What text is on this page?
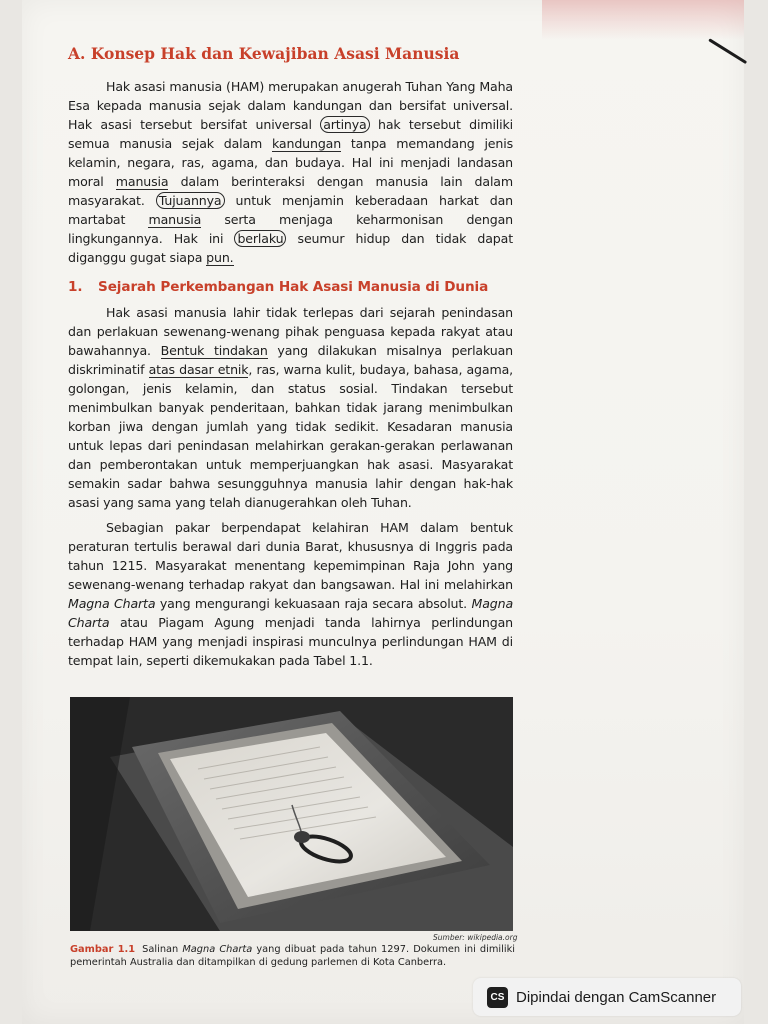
A. Konsep Hak dan Kewajiban Asasi Manusia

Hak asasi manusia (HAM) merupakan anugerah Tuhan Yang Maha Esa kepada manusia sejak dalam kandungan dan bersifat universal. Hak asasi tersebut bersifat universal artinya hak tersebut dimiliki semua manusia sejak dalam kandungan tanpa memandang jenis kelamin, negara, ras, agama, dan budaya. Hal ini menjadi landasan moral manusia dalam berinteraksi dengan manusia lain dalam masyarakat. Tujuannya untuk menjamin keberadaan harkat dan martabat manusia serta menjaga keharmonisan dengan lingkungannya. Hak ini berlaku seumur hidup dan tidak dapat diganggu gugat siapa pun.

1. Sejarah Perkembangan Hak Asasi Manusia di Dunia

Hak asasi manusia lahir tidak terlepas dari sejarah penindasan dan perlakuan sewenang-wenang pihak penguasa kepada rakyat atau bawahannya. Bentuk tindakan yang dilakukan misalnya perlakuan diskriminatif atas dasar etnik, ras, warna kulit, budaya, bahasa, agama, golongan, jenis kelamin, dan status sosial. Tindakan tersebut menimbulkan banyak penderitaan, bahkan tidak jarang menimbulkan korban jiwa dengan jumlah yang tidak sedikit. Kesadaran manusia untuk lepas dari penindasan melahirkan gerakan-gerakan perlawanan dan pemberontakan untuk memperjuangkan hak asasi. Masyarakat semakin sadar bahwa sesungguhnya manusia lahir dengan hak-hak asasi yang sama yang telah dianugerahkan oleh Tuhan.

Sebagian pakar berpendapat kelahiran HAM dalam bentuk peraturan tertulis berawal dari dunia Barat, khususnya di Inggris pada tahun 1215. Masyarakat menentang kepemimpinan Raja John yang sewenang-wenang terhadap rakyat dan bangsawan. Hal ini melahirkan Magna Charta yang mengurangi kekuasaan raja secara absolut. Magna Charta atau Piagam Agung menjadi tanda lahirnya perlindungan terhadap HAM yang menjadi inspirasi munculnya perlindungan HAM di tempat lain, seperti dikemukakan pada Tabel 1.1.

Sumber: wikipedia.org
Gambar 1.1 Salinan Magna Charta yang dibuat pada tahun 1297. Dokumen ini dimiliki pemerintah Australia dan ditampilkan di gedung parlemen di Kota Canberra.
CS Dipindai dengan CamScanner
